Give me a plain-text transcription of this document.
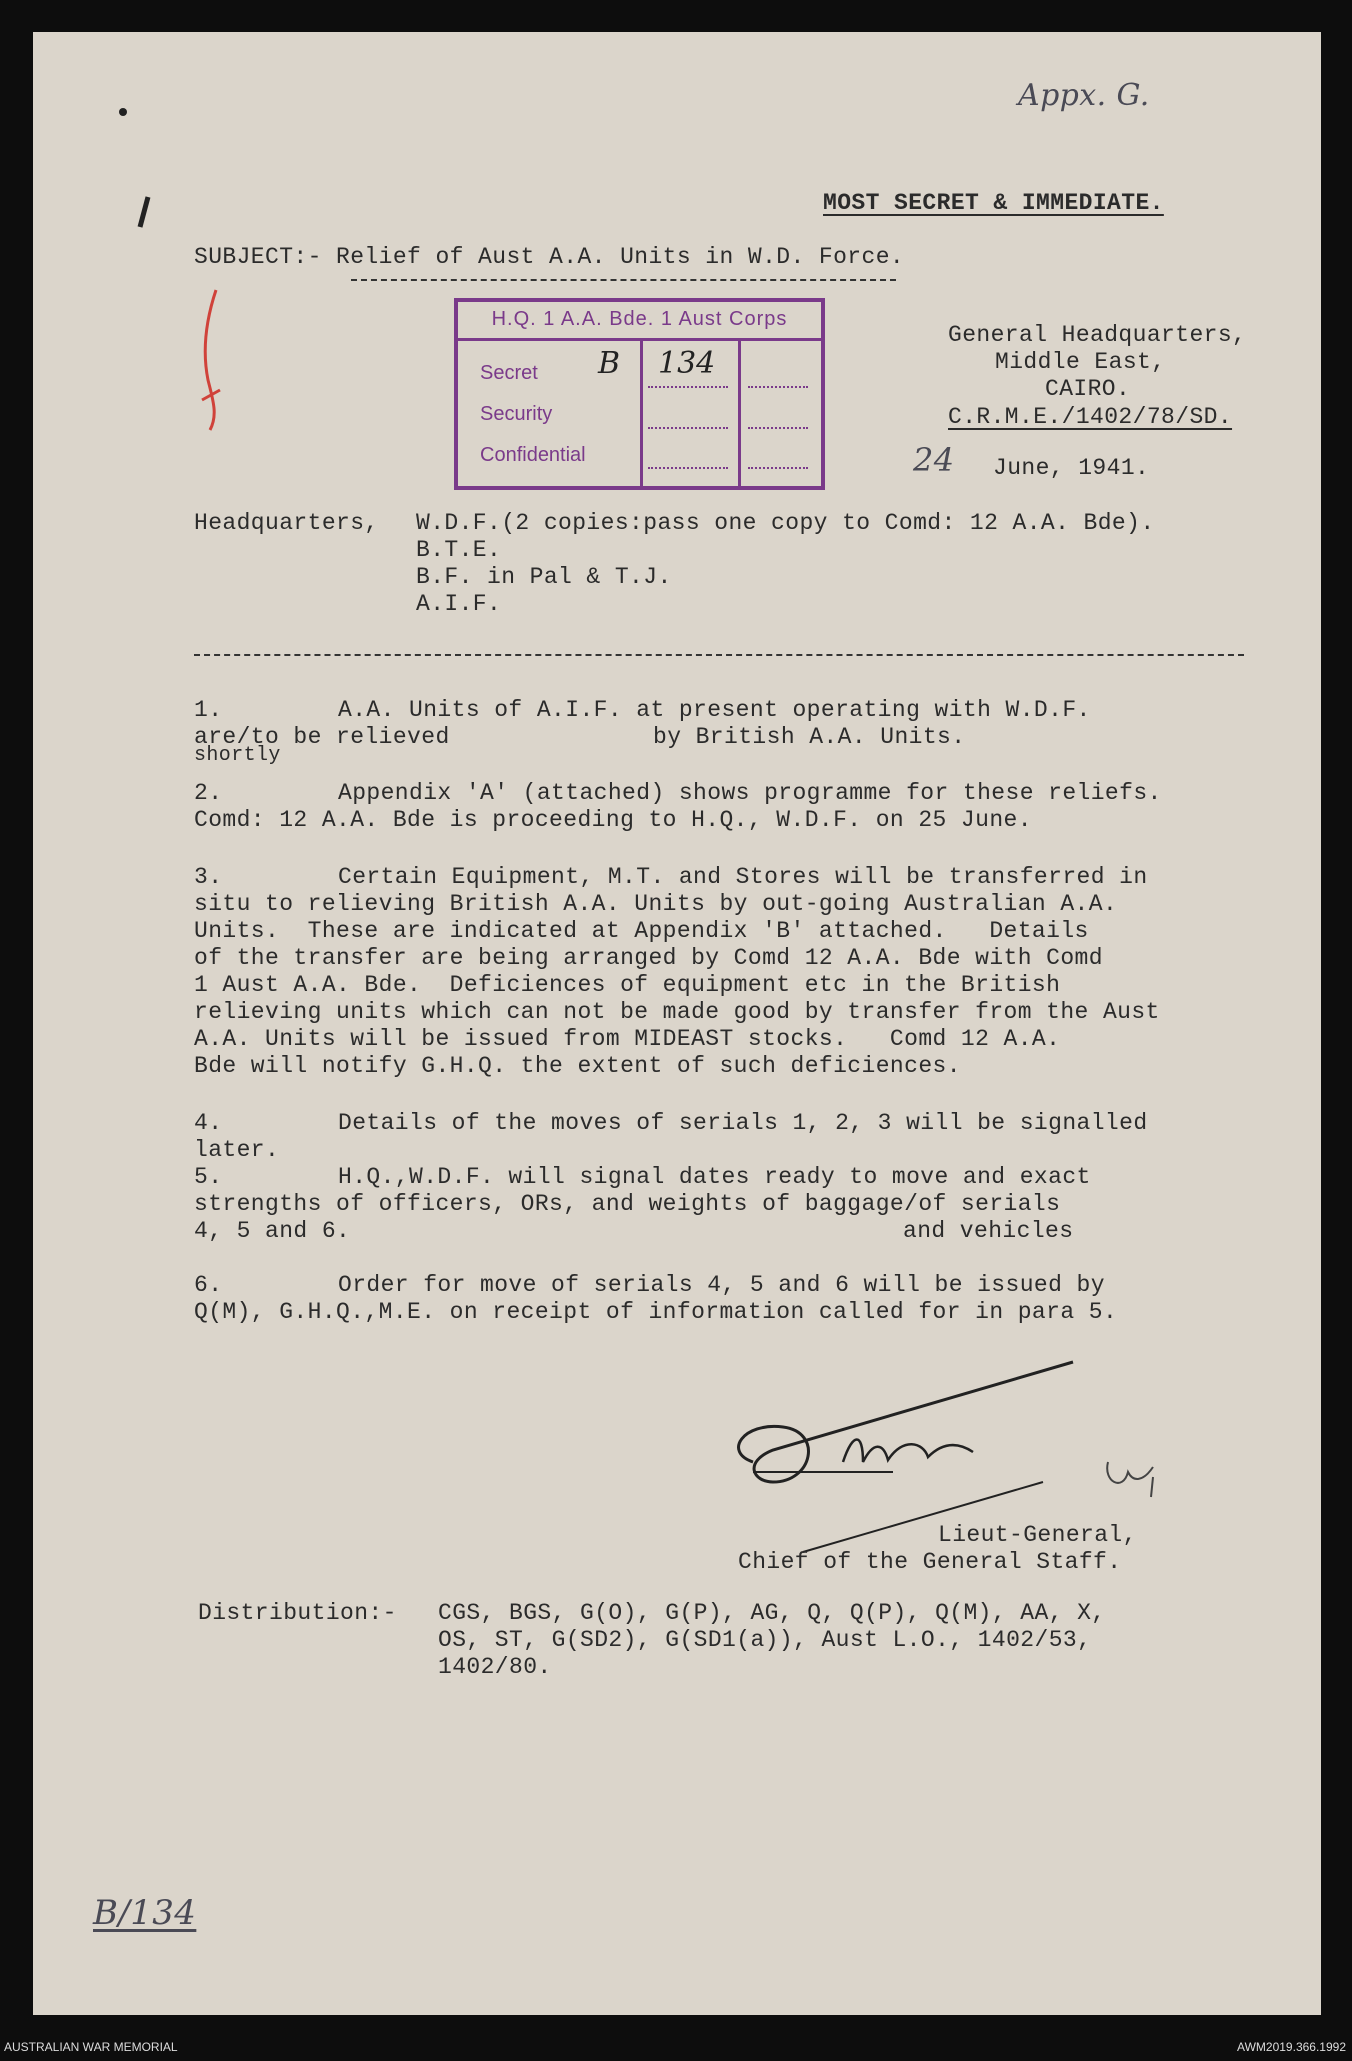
Appx. G.
MOST SECRET & IMMEDIATE.
SUBJECT:- Relief of Aust A.A. Units in W.D. Force.
H.Q. 1 A.A. Bde. 1 Aust Corps
Secret
Security
Confidential
B 134
General Headquarters,
Middle East,
CAIRO.
C.R.M.E./1402/78/SD.
24 June, 1941.
Headquarters, W.D.F.(2 copies:pass one copy to Comd: 12 A.A. Bde).
B.T.E.
B.F. in Pal & T.J.
A.I.F.
1.	A.A. Units of A.I.F. at present operating with W.D.F.
are/to be relieved	by British A.A. Units.
shortly
2.	Appendix 'A' (attached) shows programme for these reliefs.
Comd: 12 A.A. Bde is proceeding to H.Q., W.D.F. on 25 June.
3.	Certain Equipment, M.T. and Stores will be transferred in
situ to relieving British A.A. Units by out-going Australian A.A.
Units.  These are indicated at Appendix 'B' attached.   Details
of the transfer are being arranged by Comd 12 A.A. Bde with Comd
1 Aust A.A. Bde.  Deficiences of equipment etc in the British
relieving units which can not be made good by transfer from the Aust
A.A. Units will be issued from MIDEAST stocks.   Comd 12 A.A.
Bde will notify G.H.Q. the extent of such deficiences.
4.	Details of the moves of serials 1, 2, 3 will be signalled
later.
5.	H.Q.,W.D.F. will signal dates ready to move and exact
strengths of officers, ORs, and weights of baggage/of serials
4, 5 and 6.	and vehicles
6.	Order for move of serials 4, 5 and 6 will be issued by
Q(M), G.H.Q.,M.E. on receipt of information called for in para 5.
Lieut-General,
Chief of the General Staff.
Distribution:- CGS, BGS, G(O), G(P), AG, Q, Q(P), Q(M), AA, X,
OS, ST, G(SD2), G(SD1(a)), Aust L.O., 1402/53,
1402/80.
B/134
AUSTRALIAN WAR MEMORIAL	AWM2019.366.1992
